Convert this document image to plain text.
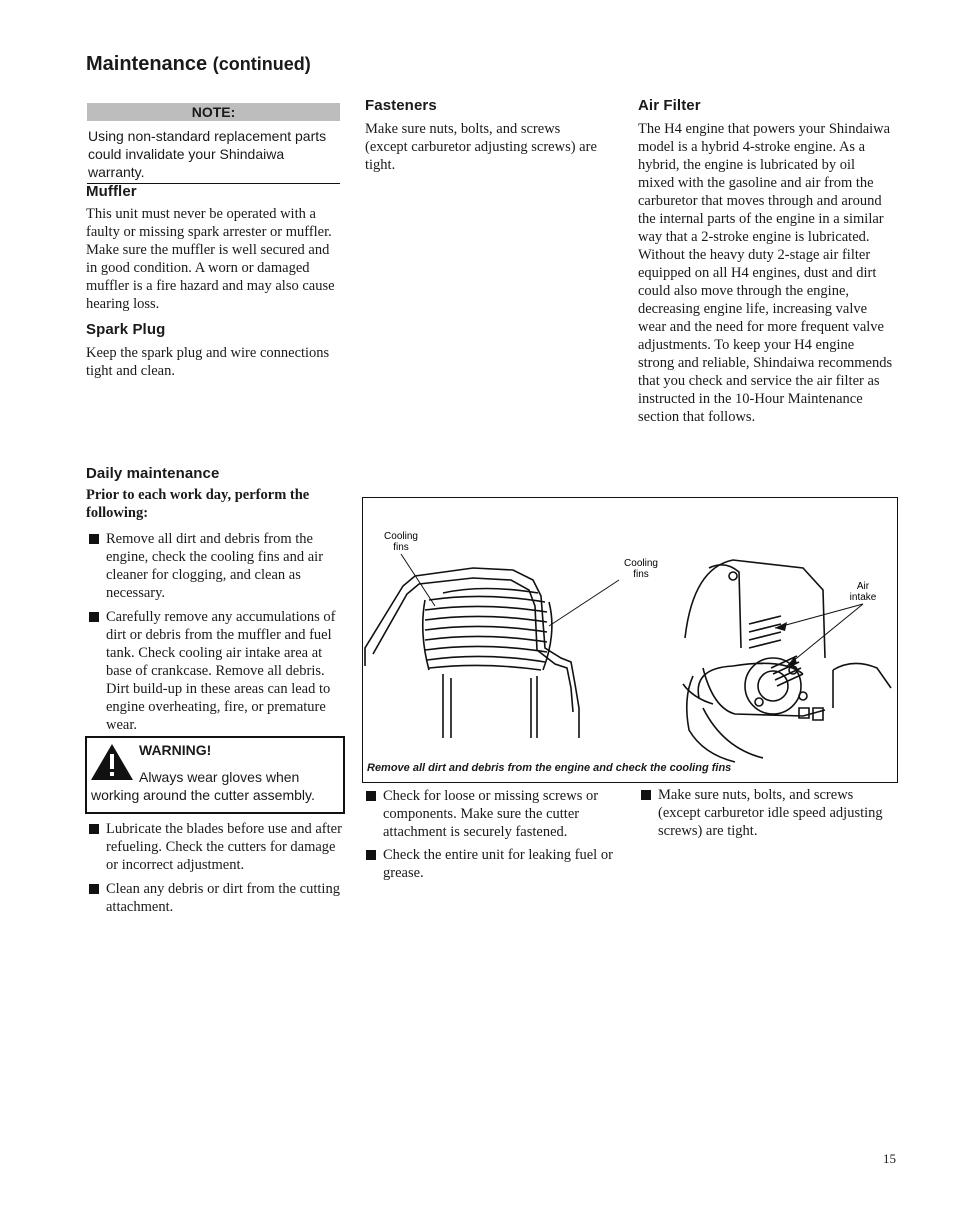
Maintenance (continued)
NOTE:
Using non-standard replacement parts could invalidate your Shindaiwa warranty.
Muffler
This unit must never be operated with a faulty or missing spark arrester or muffler. Make sure the muffler is well secured and in good condition. A worn or damaged muffler is a fire hazard and may also cause hearing loss.
Spark Plug
Keep the spark plug and wire connections tight and clean.
Fasteners
Make sure nuts, bolts, and screws (except carburetor adjusting screws) are tight.
Air Filter
The H4 engine that powers your Shindaiwa model is a hybrid 4-stroke engine. As a hybrid, the engine is lubricated by oil mixed with the gasoline and air from the carburetor that moves through and around the internal parts of the engine in a similar way that a 2-stroke engine is lubricated. Without the heavy duty 2-stage air filter equipped on all H4 engines, dust and dirt could also move through the engine, decreasing engine life, increasing valve wear and the need for more frequent valve adjustments. To keep your H4 engine strong and reliable, Shindaiwa recommends that you check and service the air filter as instructed in the 10-Hour Maintenance section that follows.
Daily maintenance
Prior to each work day, perform the following:

Remove all dirt and debris from the engine, check the cooling fins and air cleaner for clogging, and clean as necessary.

Carefully remove any accumulations of dirt or debris from the muffler and fuel tank. Check cooling air intake area at base of crankcase. Remove all debris. Dirt build-up in these areas can lead to engine overheating, fire, or premature wear.

WARNING!
Always wear gloves when working around the cutter assembly.

Lubricate the blades before use and after refueling. Check the cutters for damage or incorrect adjustment.

Clean any debris or dirt from the cutting attachment.

Cooling fins
Cooling fins
Air intake
Remove all dirt and debris from the engine and check the cooling fins

Check for loose or missing screws or components. Make sure the cutter attachment is securely fastened.

Check the entire unit for leaking fuel or grease.

Make sure nuts, bolts, and screws (except carburetor idle speed adjusting screws) are tight.

15
